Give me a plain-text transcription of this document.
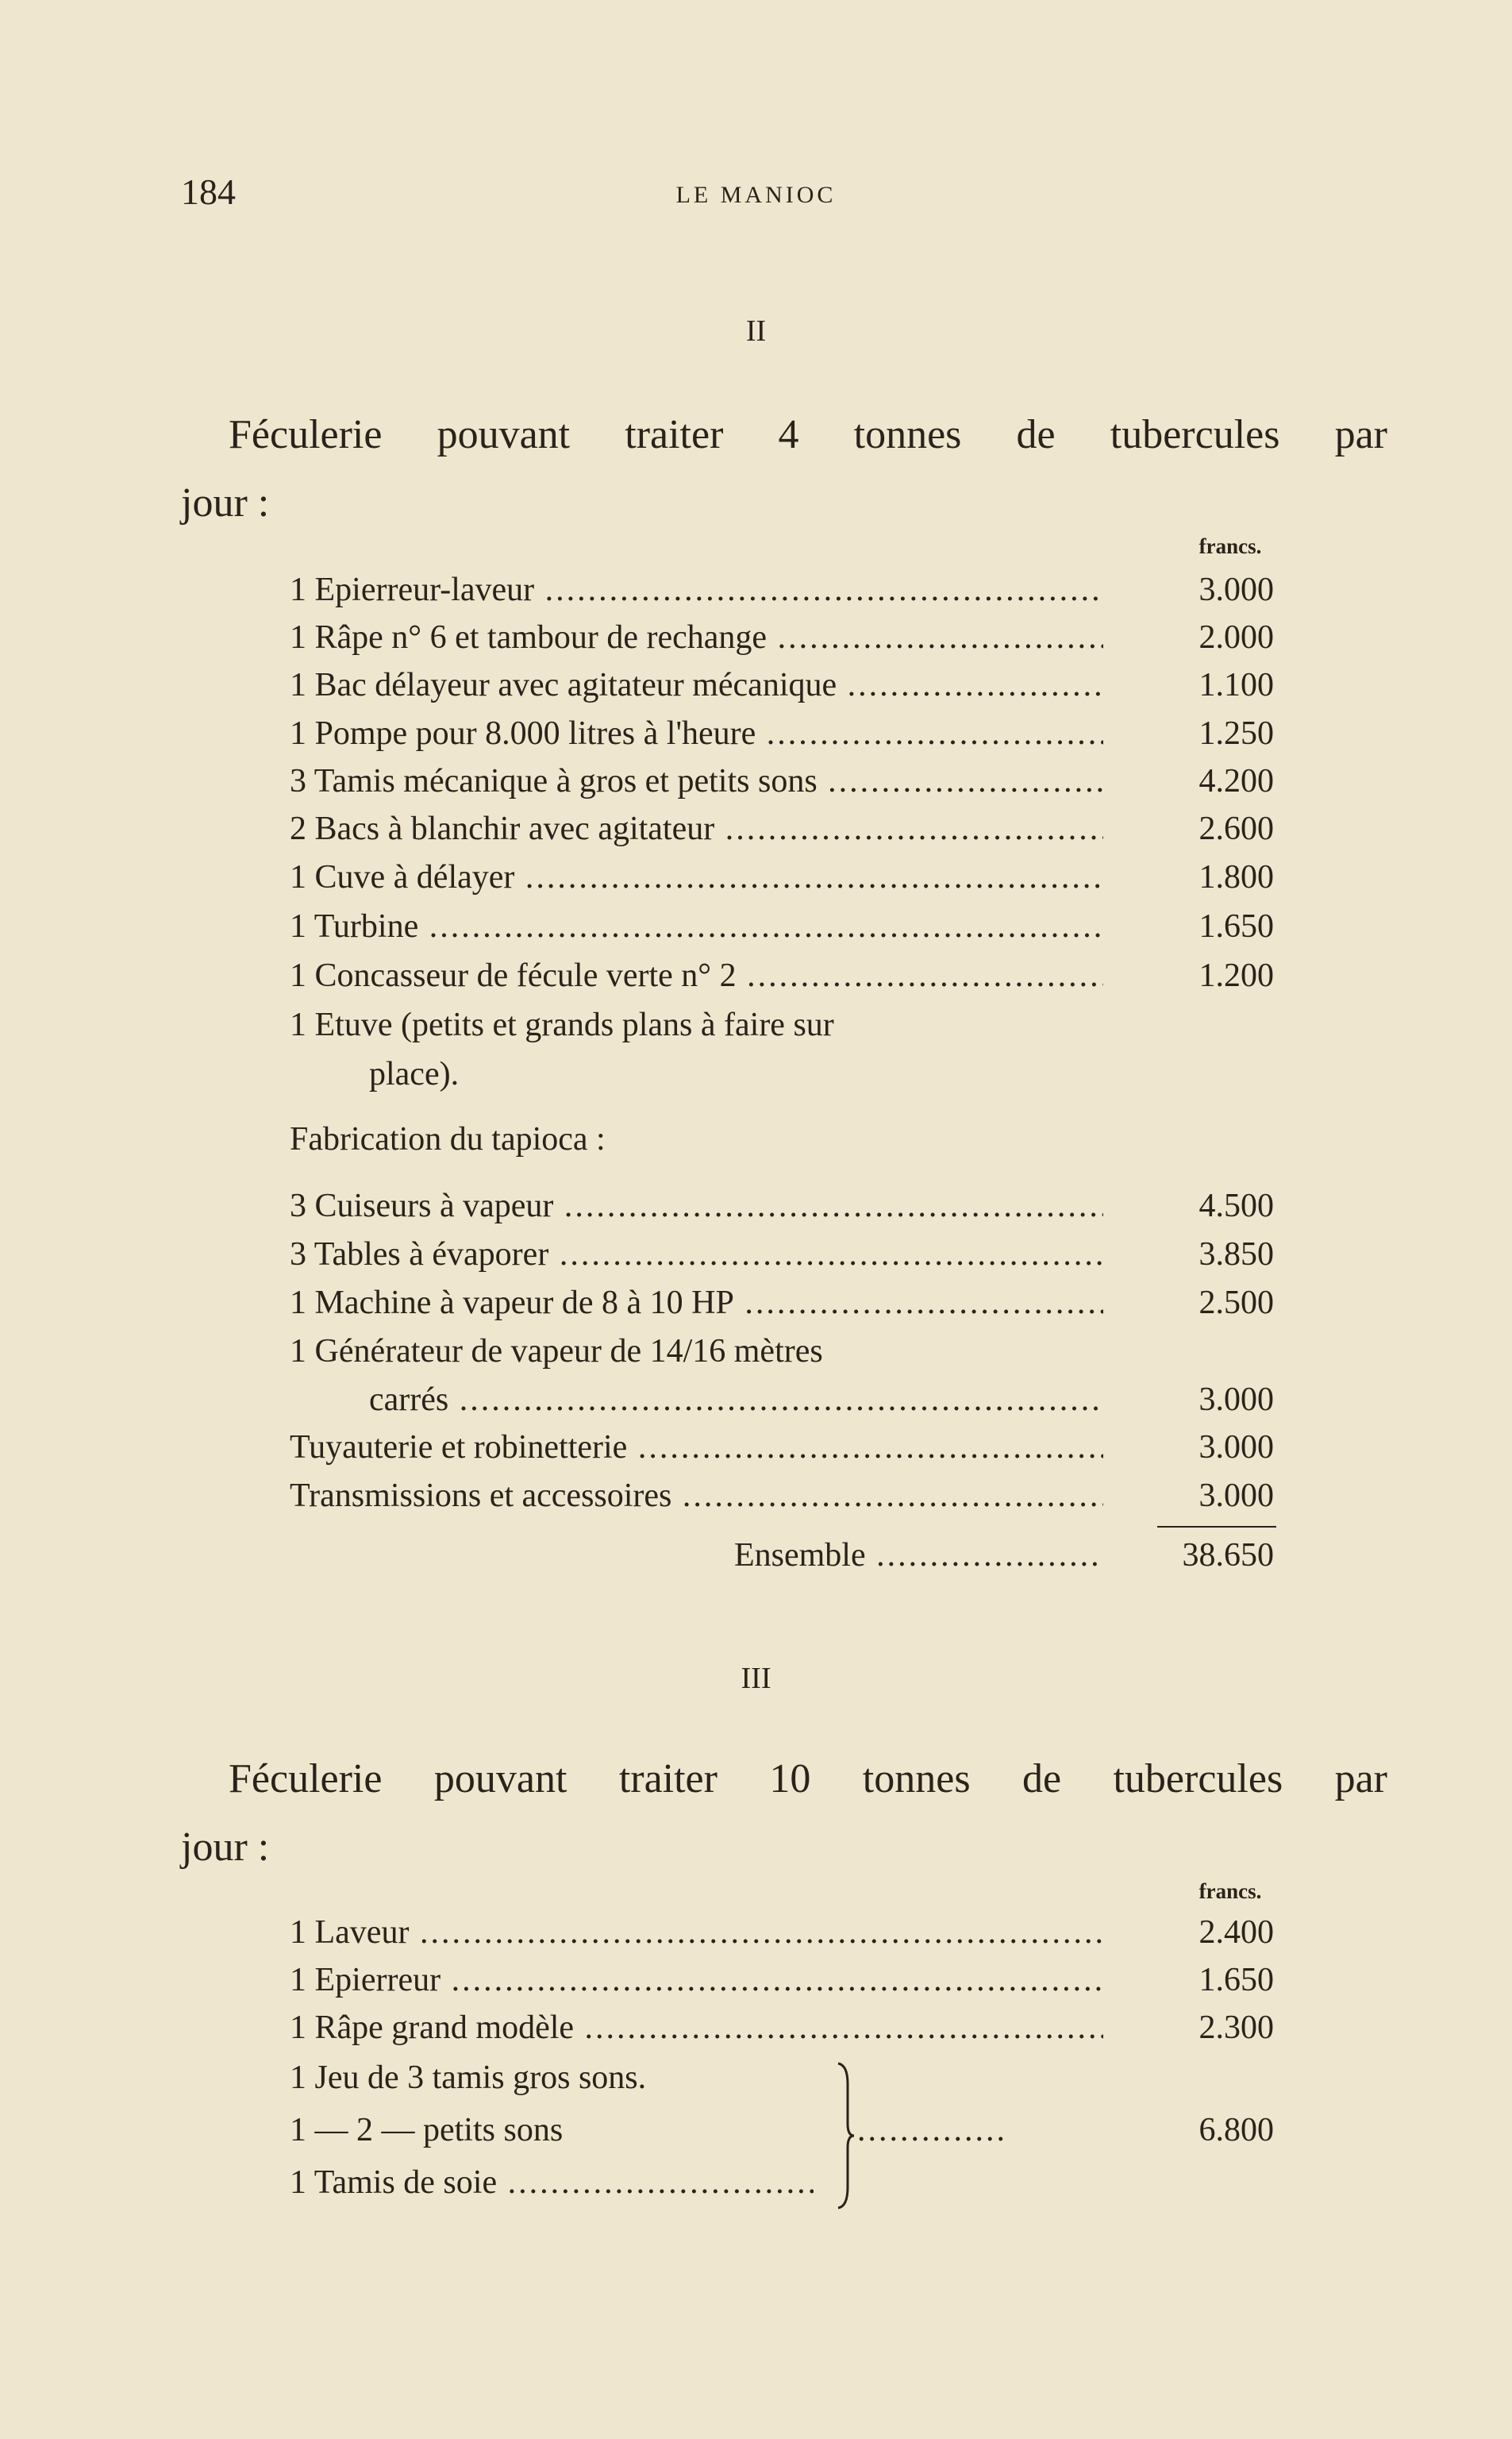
184	LE MANIOC
II
Féculerie pouvant traiter 4 tonnes de tubercules par
jour :
francs.
1 Epierreur-laveur .....	3.000
1 Râpe n° 6 et tambour de rechange .....	2.000
1 Bac délayeur avec agitateur mécanique .....	1.100
1 Pompe pour 8.000 litres à l'heure .....	1.250
3 Tamis mécanique à gros et petits sons .....	4.200
2 Bacs à blanchir avec agitateur .....	2.600
1 Cuve à délayer .....	1.800
1 Turbine .....	1.650
1 Concasseur de fécule verte n° 2 .....	1.200
1 Etuve (petits et grands plans à faire sur
place).
Fabrication du tapioca :
3 Cuiseurs à vapeur .....	4.500
3 Tables à évaporer .....	3.850
1 Machine à vapeur de 8 à 10 HP .....	2.500
1 Générateur de vapeur de 14/16 mètres
carrés .....	3.000
Tuyauterie et robinetterie .....	3.000
Transmissions et accessoires .....	3.000
Ensemble .....	38.650
III
Féculerie pouvant traiter 10 tonnes de tubercules par
jour :
francs.
1 Laveur .....	2.400
1 Epierreur .....	1.650
1 Râpe grand modèle .....	2.300
1 Jeu de 3 tamis gros sons.
1 — 2 — petits sons
1 Tamis de soie .....
..............	6.800
